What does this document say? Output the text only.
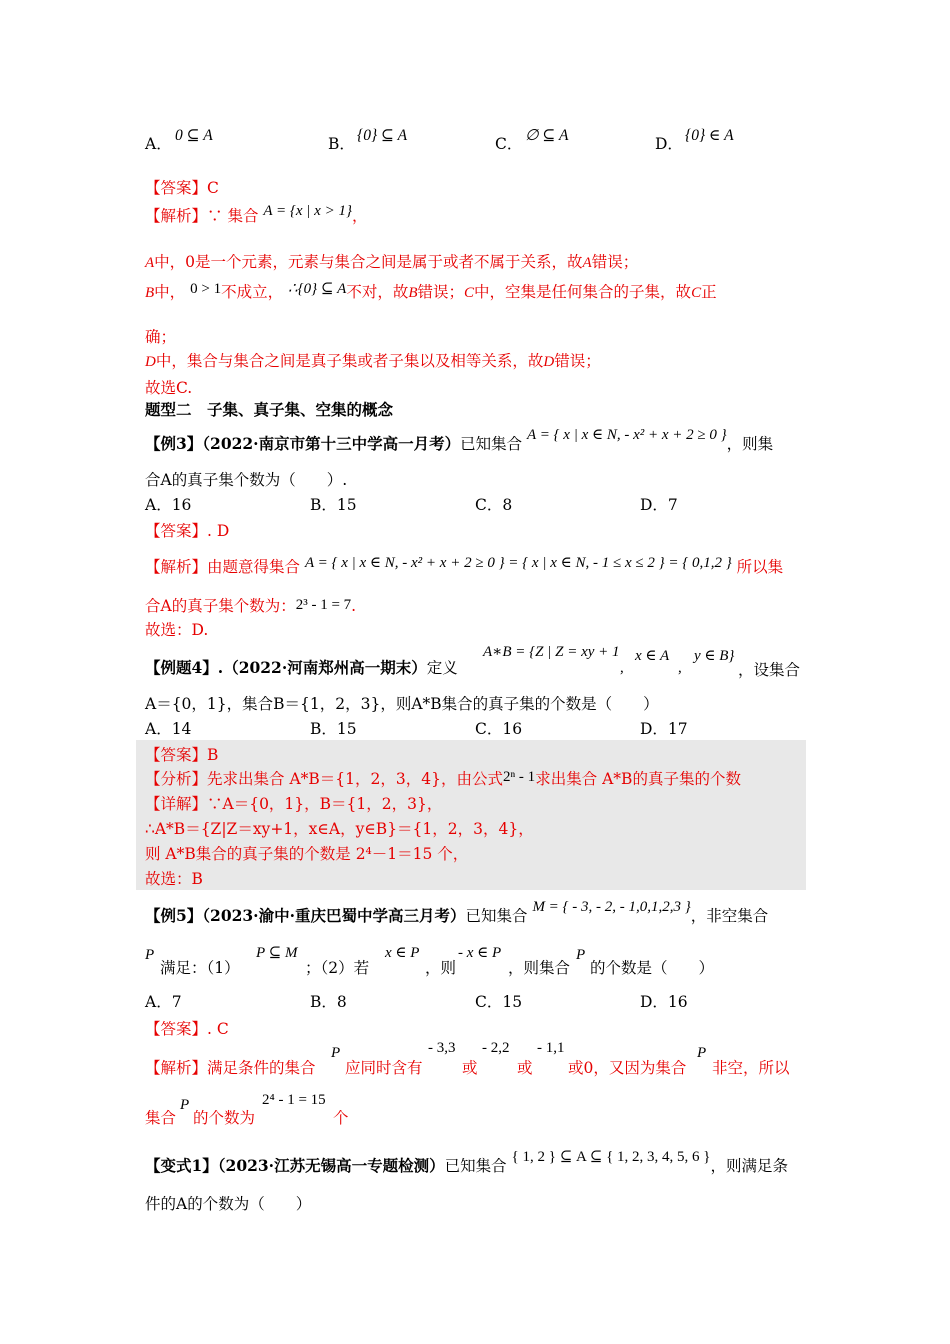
A． 0 ⊆ A	B． {0} ⊆ A	C． ∅ ⊆ A	D． {0} ∈ A
【答案】C
【解析】∵ 集合 A = {x | x > 1}，
A中，0是一个元素，元素与集合之间是属于或者不属于关系，故A错误；
B中， 0 > 1不成立， ∴{0} ⊆ A不对，故B错误；C中，空集是任何集合的子集，故C正
确；
D中，集合与集合之间是真子集或者子集以及相等关系，故D错误；
故选C.
题型二　子集、真子集、空集的概念
【例3】（2022·南京市第十三中学高一月考）已知集合 A = { x | x ∈ N, - x² + x + 2 ≥ 0 }，则集
合A的真子集个数为（　　）.
A．16	B．15	C．8	D．7
【答案】. D
【解析】由题意得集合 A = { x | x ∈ N, - x² + x + 2 ≥ 0 } = { x | x ∈ N, - 1 ≤ x ≤ 2 } = { 0,1,2 } 所以集
合A的真子集个数为：2³ - 1 = 7.
故选：D.
【例题4】.（2022·河南郑州高一期末）定义
A∗B = {Z | Z = xy + 1
,
x ∈ A
,
y ∈ B}
，设集合
A＝{0，1}，集合B＝{1，2，3}，则A*B集合的真子集的个数是（　　）
A．14	B．15	C．16	D．17
【答案】B
【分析】先求出集合 A*B＝{1，2，3，4}，由公式2ⁿ - 1求出集合 A*B的真子集的个数
【详解】∵A＝{0，1}，B＝{1，2，3}，
∴A*B＝{Z|Z＝xy+1，x∈A，y∈B}＝{1，2，3，4}，
则 A*B集合的真子集的个数是 2⁴－1＝15 个，
故选：B
【例5】（2023·渝中·重庆巴蜀中学高三月考）已知集合 M = { - 3, - 2, - 1,0,1,2,3 }，非空集合
P
满足：（1）
P ⊆ M
；（2）若
x ∈ P
，则
- x ∈ P
，则集合
P
的个数是（　　）
A．7	B．8	C．15	D．16
【答案】. C
【解析】满足条件的集合
P
应同时含有
- 3,3
或
- 2,2
或
- 1,1
或0，又因为集合
P
非空，所以
集合
P
的个数为
2⁴ - 1 = 15
个
【变式1】（2023·江苏无锡高一专题检测）已知集合 { 1, 2 } ⊆ A ⊆ { 1, 2, 3, 4, 5, 6 }，则满足条
件的A的个数为（　　）
